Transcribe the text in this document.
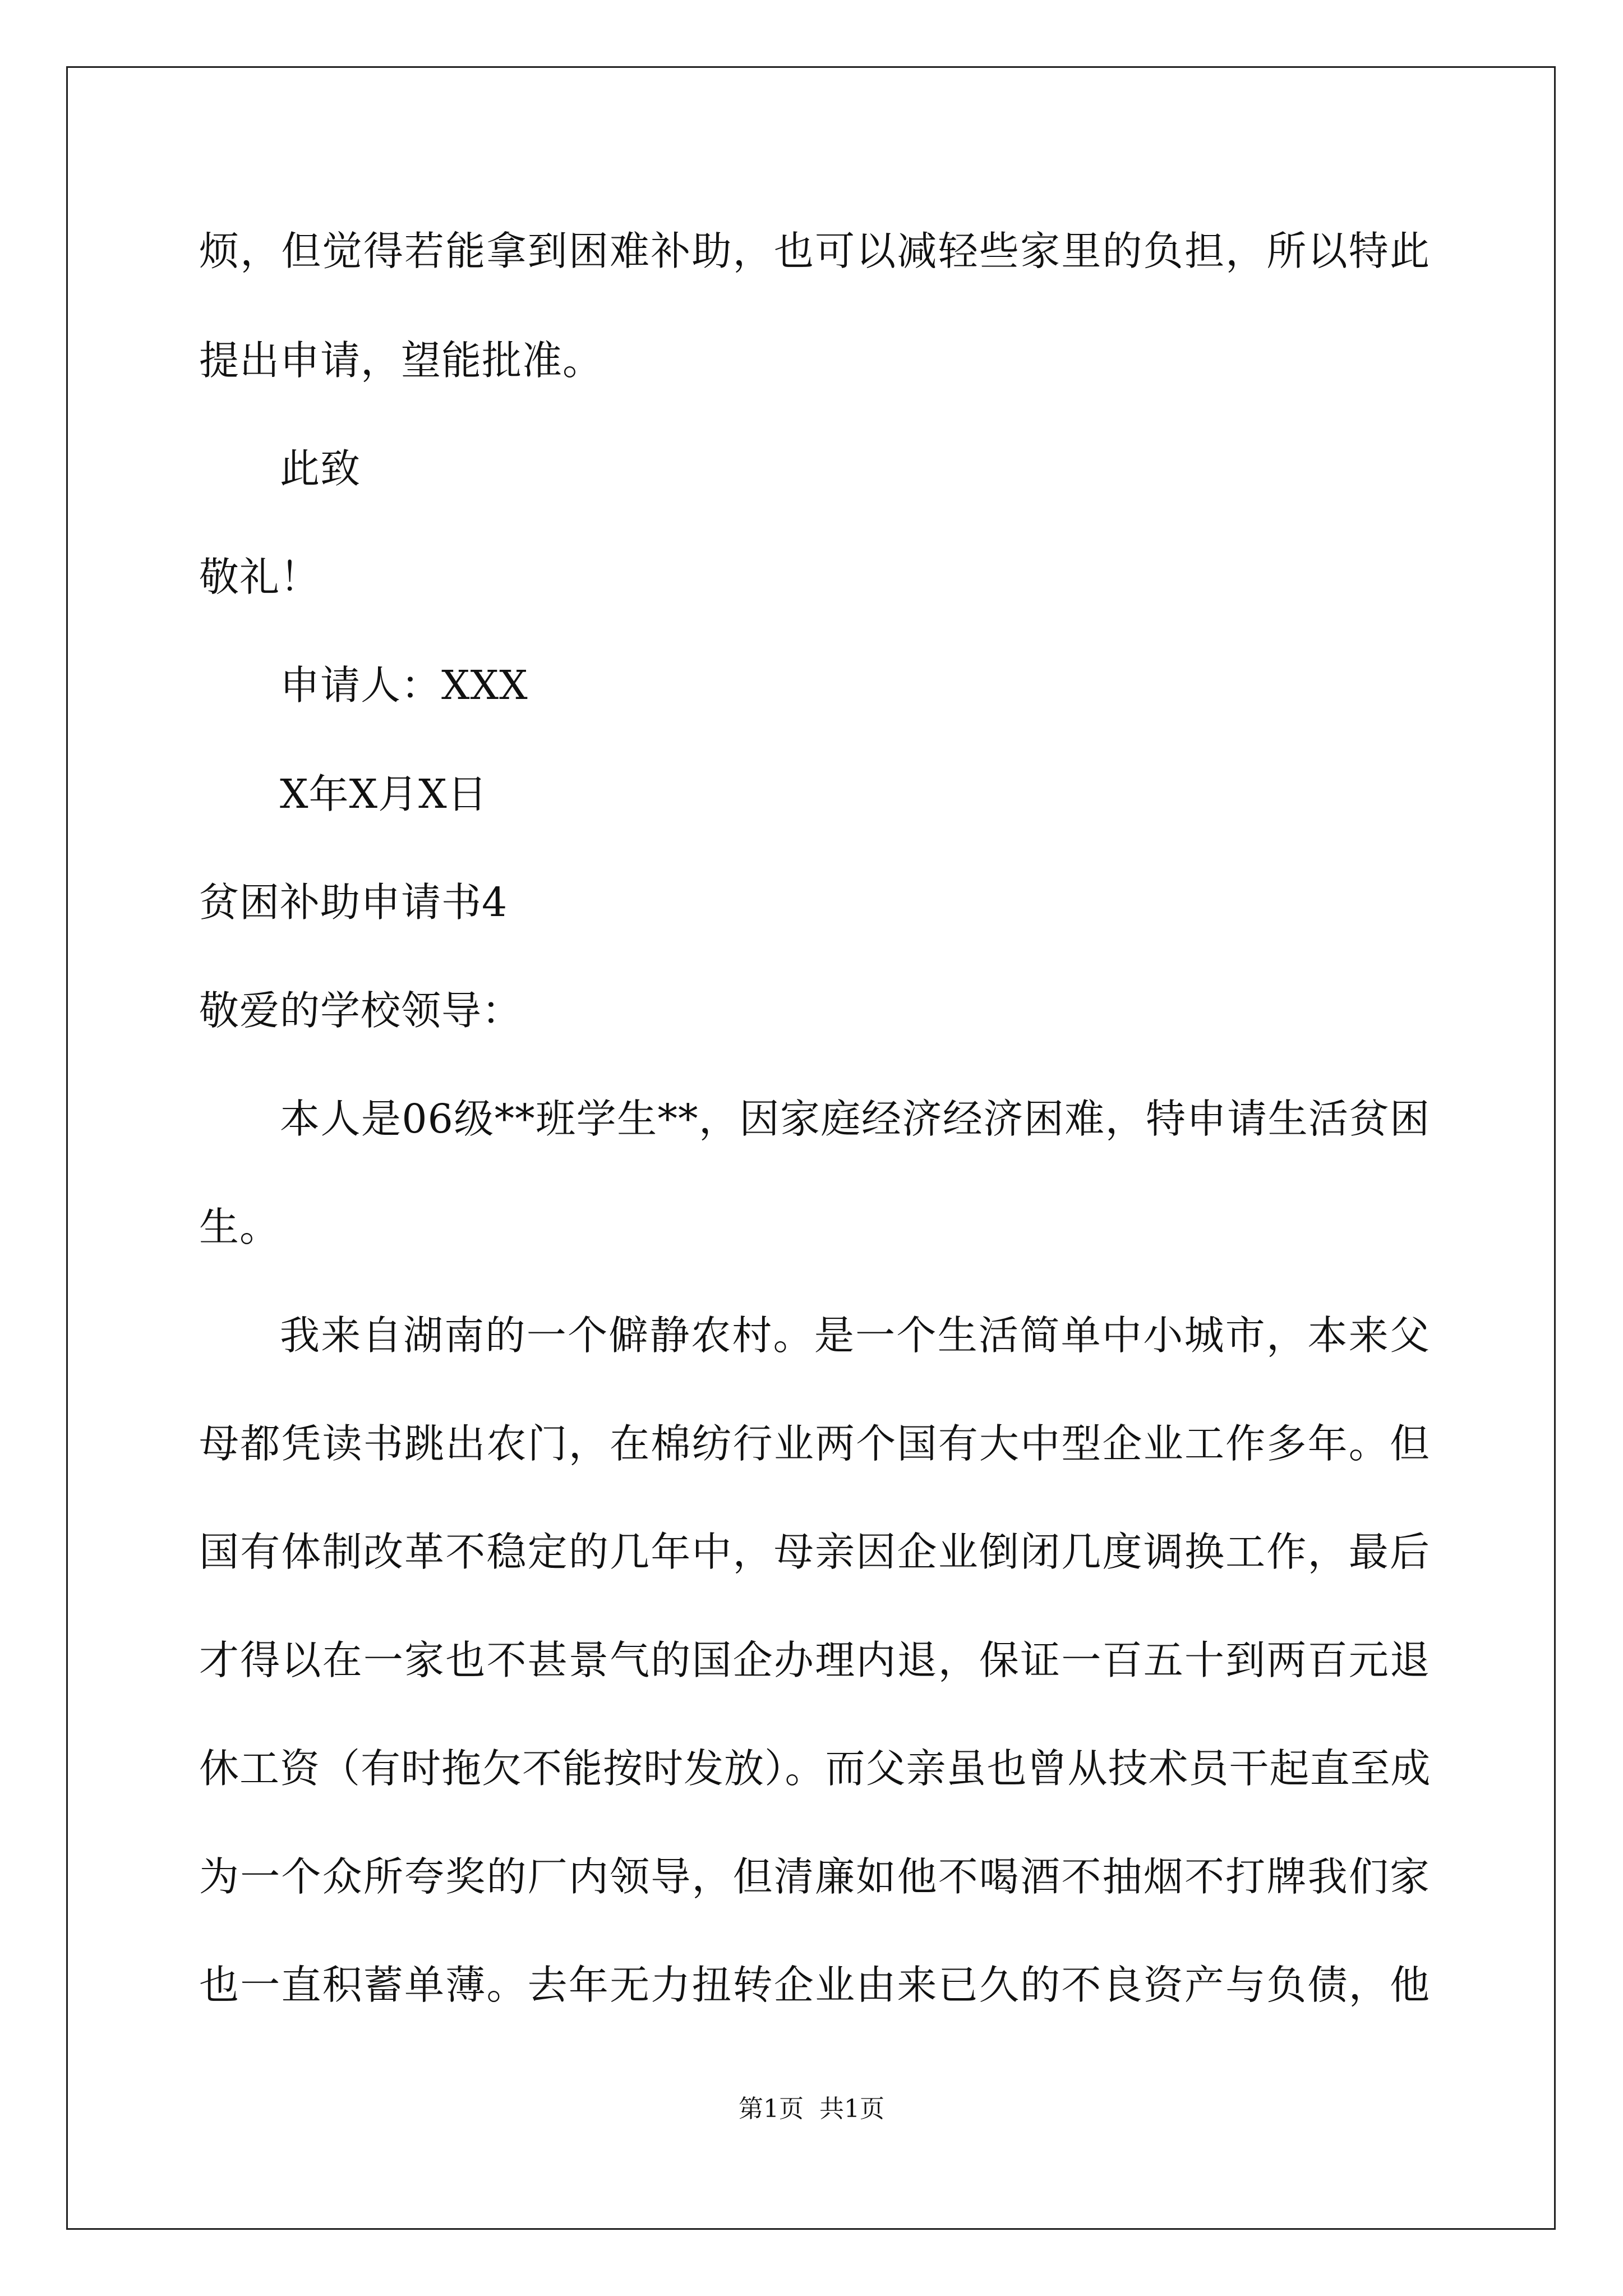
烦，但觉得若能拿到困难补助，也可以减轻些家里的负担，所以特此
提出申请，望能批准。
此致
敬礼！
申请人：XXX
X年X月X日
贫困补助申请书4
敬爱的学校领导：
本人是06级**班学生**，因家庭经济经济困难，特申请生活贫困
生。
我来自湖南的一个僻静农村。是一个生活简单中小城市，本来父
母都凭读书跳出农门，在棉纺行业两个国有大中型企业工作多年。但
国有体制改革不稳定的几年中，母亲因企业倒闭几度调换工作，最后
才得以在一家也不甚景气的国企办理内退，保证一百五十到两百元退
休工资（有时拖欠不能按时发放）。而父亲虽也曾从技术员干起直至成
为一个众所夸奖的厂内领导，但清廉如他不喝酒不抽烟不打牌我们家
也一直积蓄单薄。去年无力扭转企业由来已久的不良资产与负债，他
第1页  共1页
